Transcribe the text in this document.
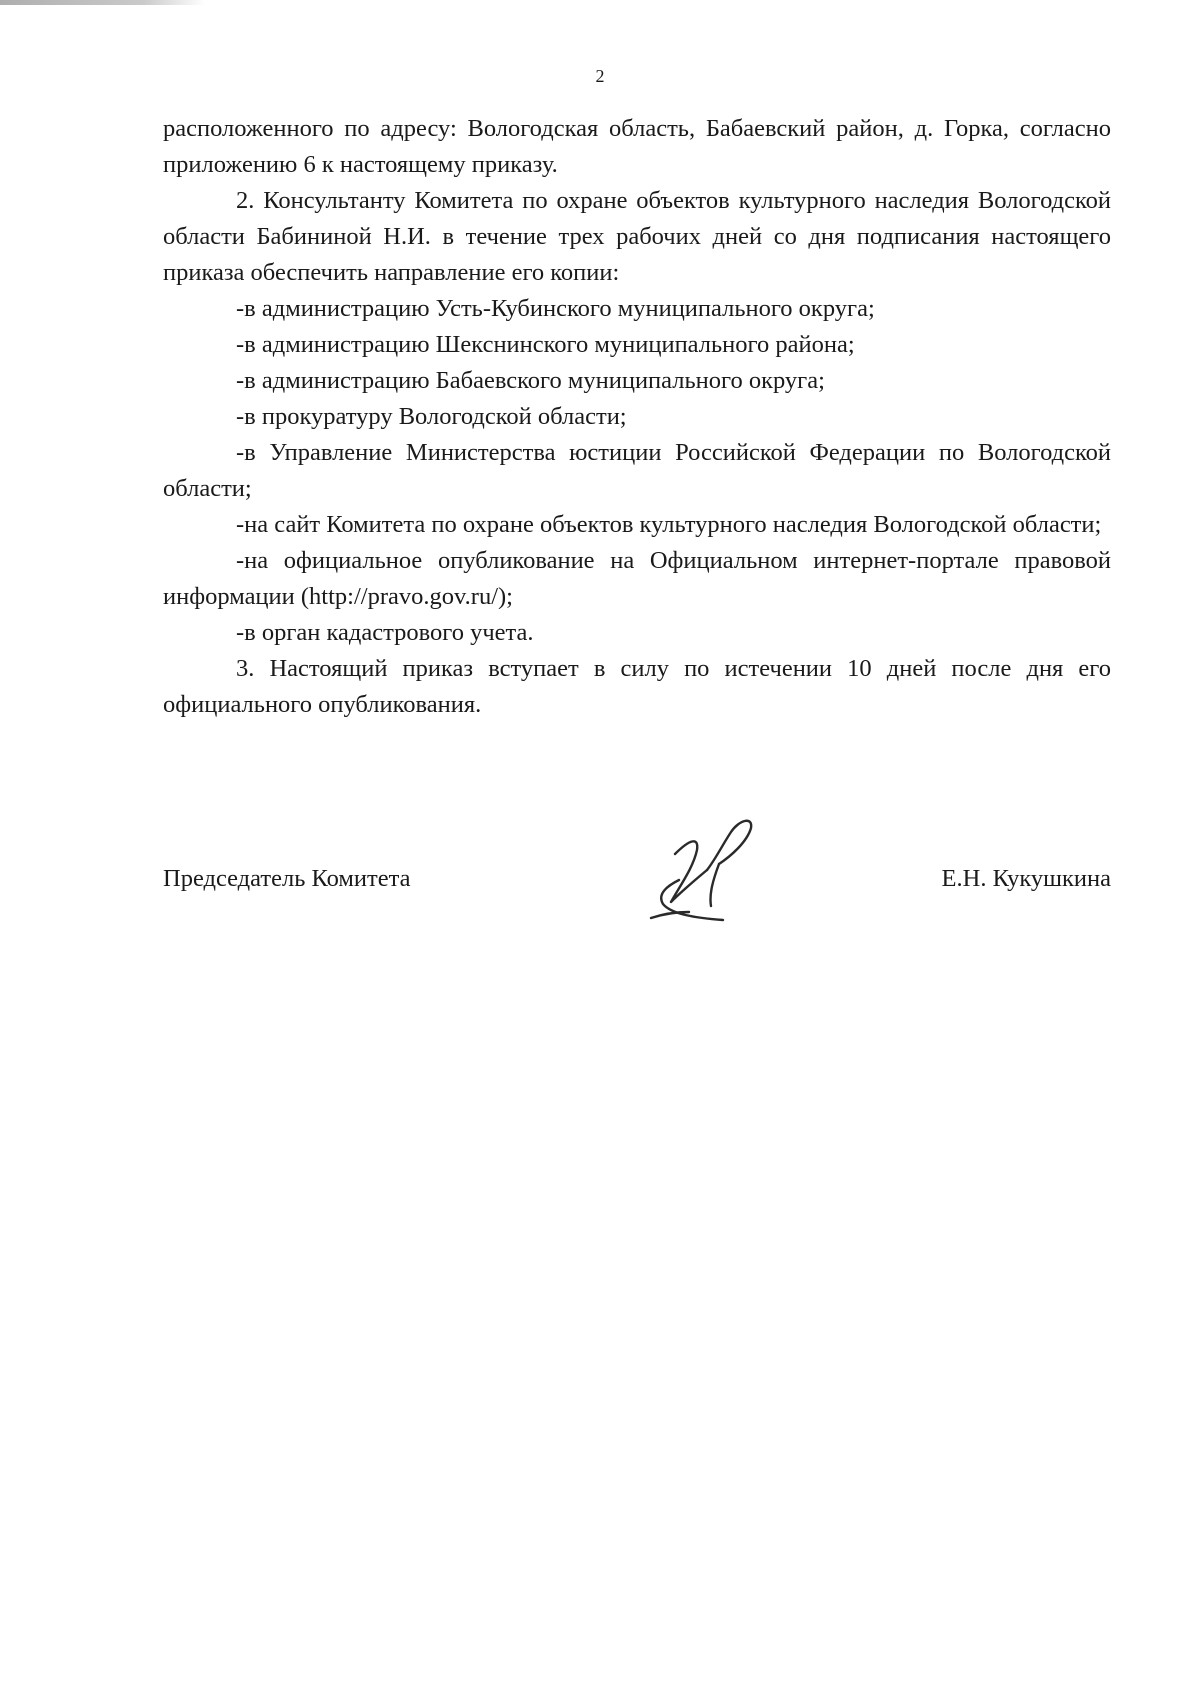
2

расположенного по адресу: Вологодская область, Бабаевский район, д. Горка, согласно приложению 6 к настоящему приказу.

2. Консультанту Комитета по охране объектов культурного наследия Вологодской области Бабининой Н.И. в течение трех рабочих дней со дня подписания настоящего приказа обеспечить направление его копии:

-в администрацию Усть-Кубинского муниципального округа;

-в администрацию Шекснинского муниципального района;

-в администрацию Бабаевского муниципального округа;

-в прокуратуру Вологодской области;

-в Управление Министерства юстиции Российской Федерации по Вологодской области;

-на сайт Комитета по охране объектов культурного наследия Вологодской области;

-на официальное опубликование на Официальном интернет-портале правовой информации (http://pravo.gov.ru/);

-в орган кадастрового учета.

3. Настоящий приказ вступает в силу по истечении 10 дней после дня его официального опубликования.

Председатель Комитета	Е.Н. Кукушкина
